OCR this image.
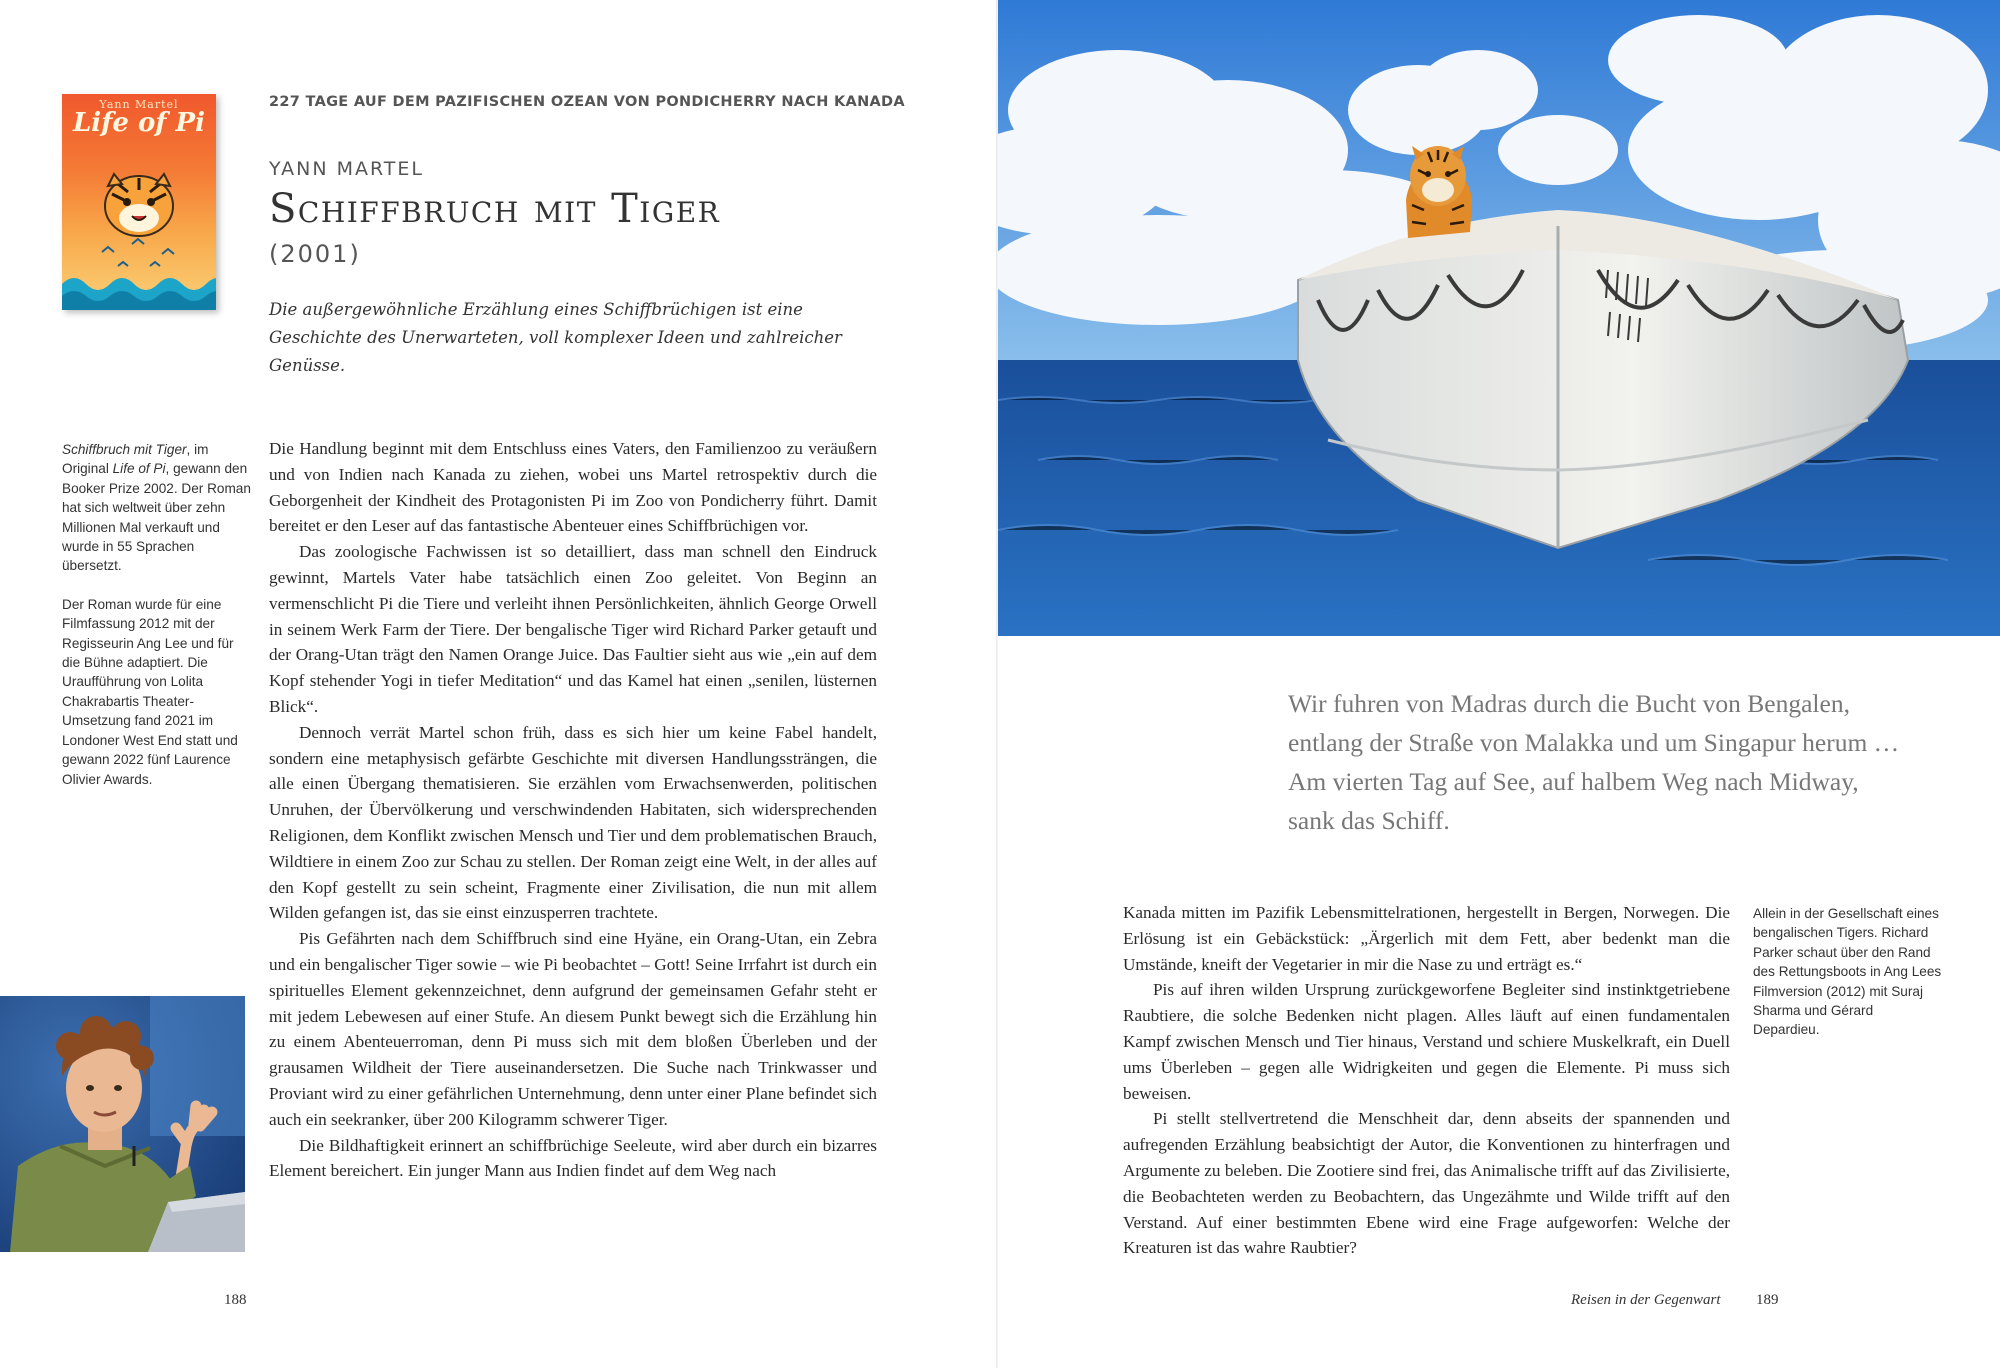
Yann Martel
Life of Pi
227 TAGE AUF DEM PAZIFISCHEN OZEAN VON PONDICHERRY NACH KANADA
YANN MARTEL
Schiffbruch mit Tiger
(2001)
Die außergewöhnliche Erzählung eines Schiffbrüchigen ist eine Geschichte des Unerwarteten, voll komplexer Ideen und zahlreicher Genüsse.

Schiffbruch mit Tiger, im Original Life of Pi, gewann den Booker Prize 2002. Der Roman hat sich weltweit über zehn Millionen Mal verkauft und wurde in 55 Sprachen übersetzt.

Der Roman wurde für eine Filmfassung 2012 mit der Regisseurin Ang Lee und für die Bühne adaptiert. Die Uraufführung von Lolita Chakrabartis Theater-Umsetzung fand 2021 im Londoner West End statt und gewann 2022 fünf Laurence Olivier Awards.

Die Handlung beginnt mit dem Entschluss eines Vaters, den Familienzoo zu veräußern und von Indien nach Kanada zu ziehen, wobei uns Martel retrospektiv durch die Geborgenheit der Kindheit des Protagonisten Pi im Zoo von Pondicherry führt. Damit bereitet er den Leser auf das fantastische Abenteuer eines Schiffbrüchigen vor.

Das zoologische Fachwissen ist so detailliert, dass man schnell den Eindruck gewinnt, Martels Vater habe tatsächlich einen Zoo geleitet. Von Beginn an vermenschlicht Pi die Tiere und verleiht ihnen Persönlichkeiten, ähnlich George Orwell in seinem Werk Farm der Tiere. Der bengalische Tiger wird Richard Parker getauft und der Orang-Utan trägt den Namen Orange Juice. Das Faultier sieht aus wie „ein auf dem Kopf stehender Yogi in tiefer Meditation“ und das Kamel hat einen „senilen, lüsternen Blick“.

Dennoch verrät Martel schon früh, dass es sich hier um keine Fabel handelt, sondern eine metaphysisch gefärbte Geschichte mit diversen Handlungssträngen, die alle einen Übergang thematisieren. Sie erzählen vom Erwachsenwerden, politischen Unruhen, der Übervölkerung und verschwindenden Habitaten, sich widersprechenden Religionen, dem Konflikt zwischen Mensch und Tier und dem problematischen Brauch, Wildtiere in einem Zoo zur Schau zu stellen. Der Roman zeigt eine Welt, in der alles auf den Kopf gestellt zu sein scheint, Fragmente einer Zivilisation, die nun mit allem Wilden gefangen ist, das sie einst einzusperren trachtete.

Pis Gefährten nach dem Schiffbruch sind eine Hyäne, ein Orang-Utan, ein Zebra und ein bengalischer Tiger sowie – wie Pi beobachtet – Gott! Seine Irrfahrt ist durch ein spirituelles Element gekennzeichnet, denn aufgrund der gemeinsamen Gefahr steht er mit jedem Lebewesen auf einer Stufe. An diesem Punkt bewegt sich die Erzählung hin zu einem Abenteuerroman, denn Pi muss sich mit dem bloßen Überleben und der grausamen Wildheit der Tiere auseinandersetzen. Die Suche nach Trinkwasser und Proviant wird zu einer gefährlichen Unternehmung, denn unter einer Plane befindet sich auch ein seekranker, über 200 Kilogramm schwerer Tiger.

Die Bildhaftigkeit erinnert an schiffbrüchige Seeleute, wird aber durch ein bizarres Element bereichert. Ein junger Mann aus Indien findet auf dem Weg nach

188
Wir fuhren von Madras durch die Bucht von Bengalen, entlang der Straße von Malakka und um Singapur herum … Am vierten Tag auf See, auf halbem Weg nach Midway, sank das Schiff.

Kanada mitten im Pazifik Lebensmittelrationen, hergestellt in Bergen, Norwegen. Die Erlösung ist ein Gebäckstück: „Ärgerlich mit dem Fett, aber bedenkt man die Umstände, kneift der Vegetarier in mir die Nase zu und erträgt es.“

Pis auf ihren wilden Ursprung zurückgeworfene Begleiter sind instinktgetriebene Raubtiere, die solche Bedenken nicht plagen. Alles läuft auf einen fundamentalen Kampf zwischen Mensch und Tier hinaus, Verstand und schiere Muskelkraft, ein Duell ums Überleben – gegen alle Widrigkeiten und gegen die Elemente. Pi muss sich beweisen.

Pi stellt stellvertretend die Menschheit dar, denn abseits der spannenden und aufregenden Erzählung beabsichtigt der Autor, die Konventionen zu hinterfragen und Argumente zu beleben. Die Zootiere sind frei, das Animalische trifft auf das Zivilisierte, die Beobachteten werden zu Beobachtern, das Ungezähmte und Wilde trifft auf den Verstand. Auf einer bestimmten Ebene wird eine Frage aufgeworfen: Welche der Kreaturen ist das wahre Raubtier?

Allein in der Gesellschaft eines bengalischen Tigers. Richard Parker schaut über den Rand des Rettungsboots in Ang Lees Filmversion (2012) mit Suraj Sharma und Gérard Depardieu.
Reisen in der Gegenwart 189
